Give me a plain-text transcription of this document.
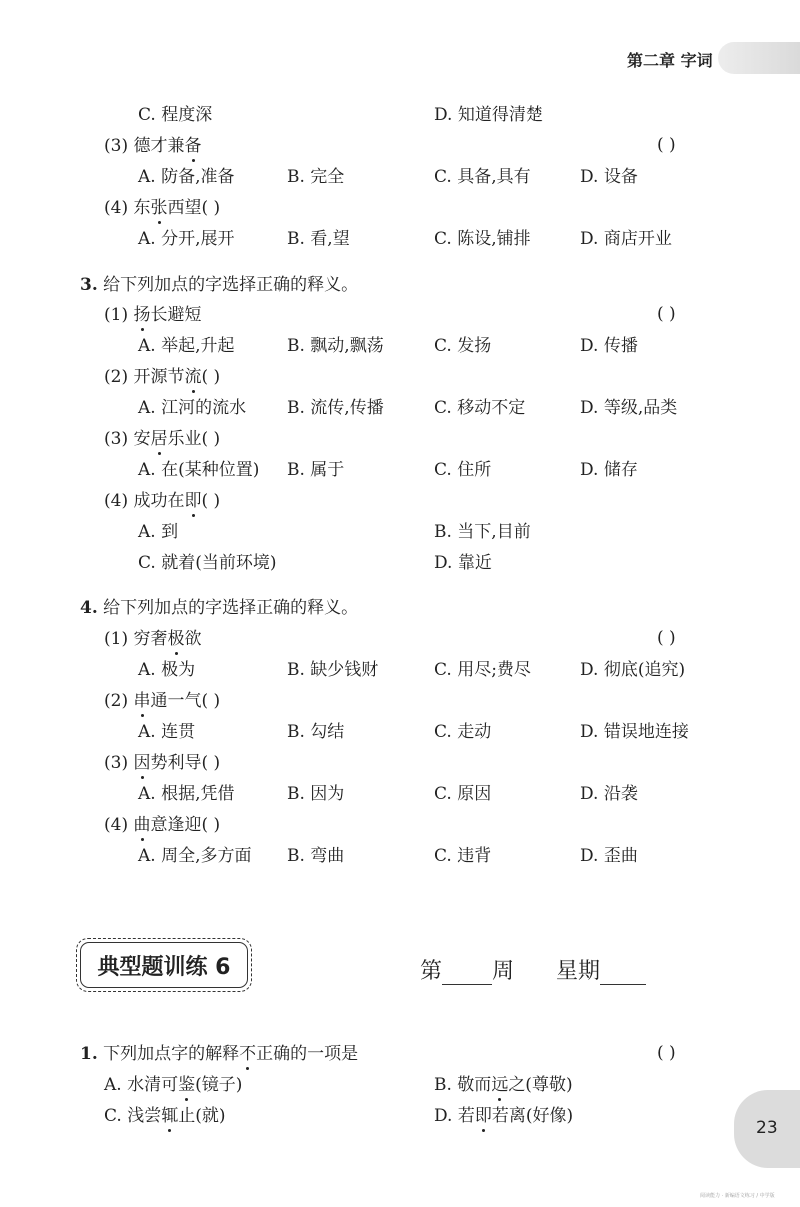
第二章 字词
C. 程度深	D. 知道得清楚
(3) 德才兼备	( )
A. 防备,准备	B. 完全	C. 具备,具有	D. 设备
(4) 东张西望( )
A. 分开,展开	B. 看,望	C. 陈设,铺排	D. 商店开业
3. 给下列加点的字选择正确的释义。
(1) 扬长避短	( )
A. 举起,升起	B. 飘动,飘荡	C. 发扬	D. 传播
(2) 开源节流( )
A. 江河的流水 B. 流传,传播	C. 移动不定	D. 等级,品类
(3) 安居乐业( )
A. 在(某种位置) B. 属于	C. 住所	D. 储存
(4) 成功在即( )
A. 到	B. 当下,目前
C. 就着(当前环境)	D. 靠近
4. 给下列加点的字选择正确的释义。
(1) 穷奢极欲	( )
A. 极为	B. 缺少钱财	C. 用尽;费尽	D. 彻底(追究)
(2) 串通一气( )
A. 连贯	B. 勾结	C. 走动	D. 错误地连接
(3) 因势利导( )
A. 根据,凭借	B. 因为	C. 原因	D. 沿袭
(4) 曲意逢迎( )
A. 周全,多方面 B. 弯曲	C. 违背	D. 歪曲
典型题训练 6	第 周 星期
1. 下列加点字的解释不正确的一项是	( )
A. 水清可鉴(镜子)	B. 敬而远之(尊敬)
C. 浅尝辄止(就)	D. 若即若离(好像)
23
阅读能力 · 新编语文练习 / 中学版
